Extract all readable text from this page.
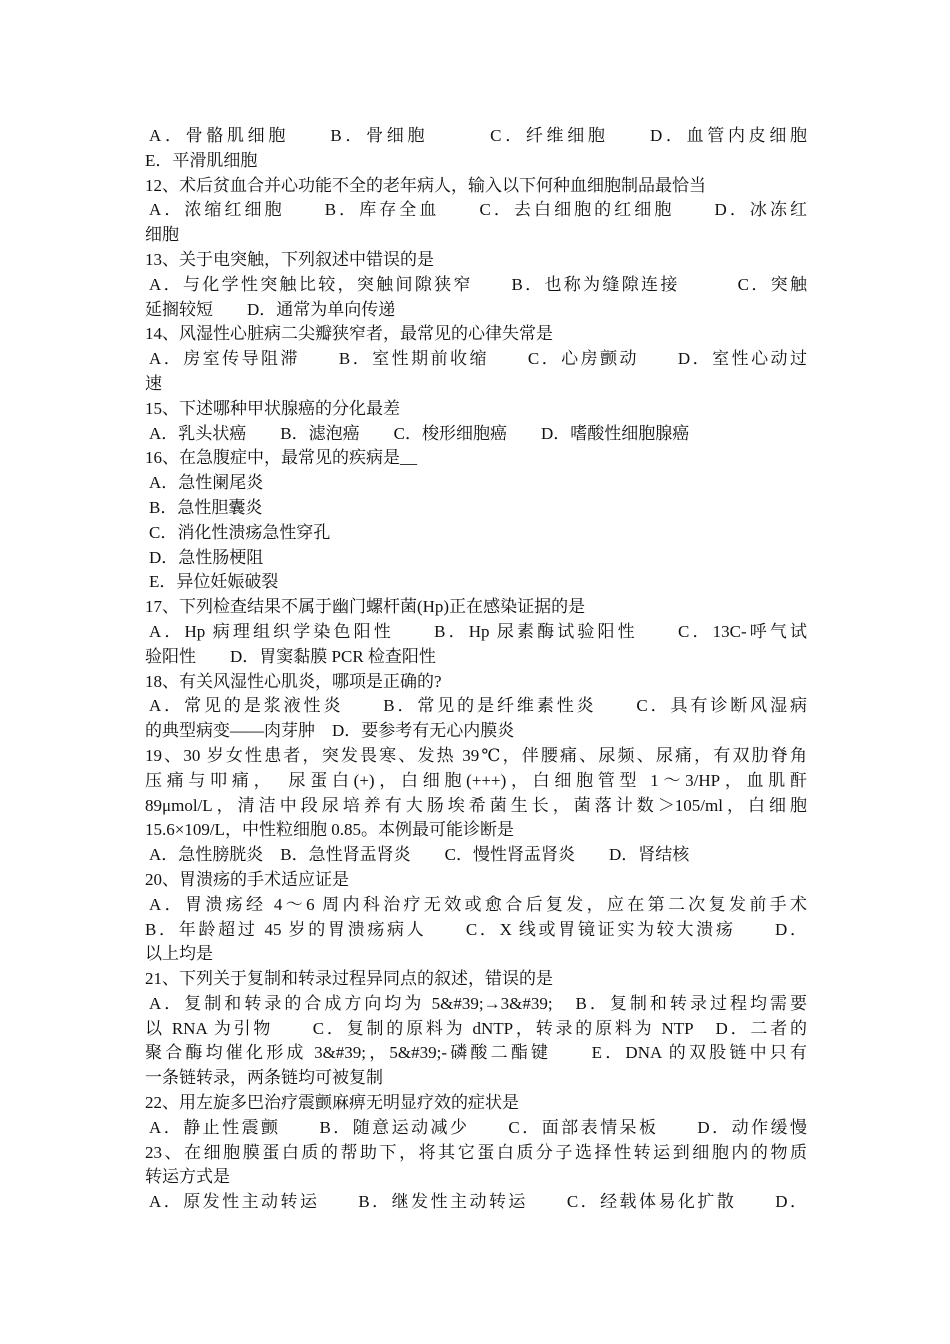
A．骨骼肌细胞　　B．骨细胞　　　C．纤维细胞　　D．血管内皮细胞
E．平滑肌细胞
12、术后贫血合并心功能不全的老年病人，输入以下何种血细胞制品最恰当
A．浓缩红细胞　　B．库存全血　　C．去白细胞的红细胞　　D．冰冻红
细胞
13、关于电突触，下列叙述中错误的是
A．与化学性突触比较，突触间隙狭窄　　B．也称为缝隙连接　　　C．突触
延搁较短　　D．通常为单向传递
14、风湿性心脏病二尖瓣狭窄者，最常见的心律失常是
A．房室传导阻滞　　B．室性期前收缩　　C．心房颤动　　D．室性心动过
速
15、下述哪种甲状腺癌的分化最差
A．乳头状癌　　B．滤泡癌　　C．梭形细胞癌　　D．嗜酸性细胞腺癌
16、在急腹症中，最常见的疾病是__
A．急性阑尾炎
B．急性胆囊炎
C．消化性溃疡急性穿孔
D．急性肠梗阻
E．异位妊娠破裂
17、下列检查结果不属于幽门螺杆菌(Hp)正在感染证据的是
A．Hp 病理组织学染色阳性　　B．Hp 尿素酶试验阳性　　C．13C-呼气试
验阳性　　D．胃窦黏膜 PCR 检查阳性
18、有关风湿性心肌炎，哪项是正确的?
A．常见的是浆液性炎　　B．常见的是纤维素性炎　　C．具有诊断风湿病
的典型病变——肉芽肿　D．要参考有无心内膜炎
19、30 岁女性患者，突发畏寒、发热 39℃，伴腰痛、尿频、尿痛，有双肋脊角
压痛与叩痛，　尿蛋白(+)，白细胞(+++)，白细胞管型 1～3/HP，血肌酐
89μmol/L，清洁中段尿培养有大肠埃希菌生长，菌落计数＞105/ml，白细胞
15.6×109/L，中性粒细胞 0.85。本例最可能诊断是
A．急性膀胱炎　B．急性肾盂肾炎　　C．慢性肾盂肾炎　　D．肾结核
20、胃溃疡的手术适应证是
A．胃溃疡经 4～6 周内科治疗无效或愈合后复发，应在第二次复发前手术
B．年龄超过 45 岁的胃溃疡病人　　C．X 线或胃镜证实为较大溃疡　　D．
以上均是
21、下列关于复制和转录过程异同点的叙述，错误的是
A．复制和转录的合成方向均为 5&#39;→3&#39;　B．复制和转录过程均需要
以 RNA 为引物　　C．复制的原料为 dNTP，转录的原料为 NTP　D．二者的
聚合酶均催化形成 3&#39;，5&#39;-磷酸二酯键　　E．DNA 的双股链中只有
一条链转录，两条链均可被复制
22、用左旋多巴治疗震颤麻痹无明显疗效的症状是
A．静止性震颤　　B．随意运动减少　　C．面部表情呆板　　D．动作缓慢
23、在细胞膜蛋白质的帮助下，将其它蛋白质分子选择性转运到细胞内的物质
转运方式是
A．原发性主动转运　　B．继发性主动转运　　C．经载体易化扩散　　D．
